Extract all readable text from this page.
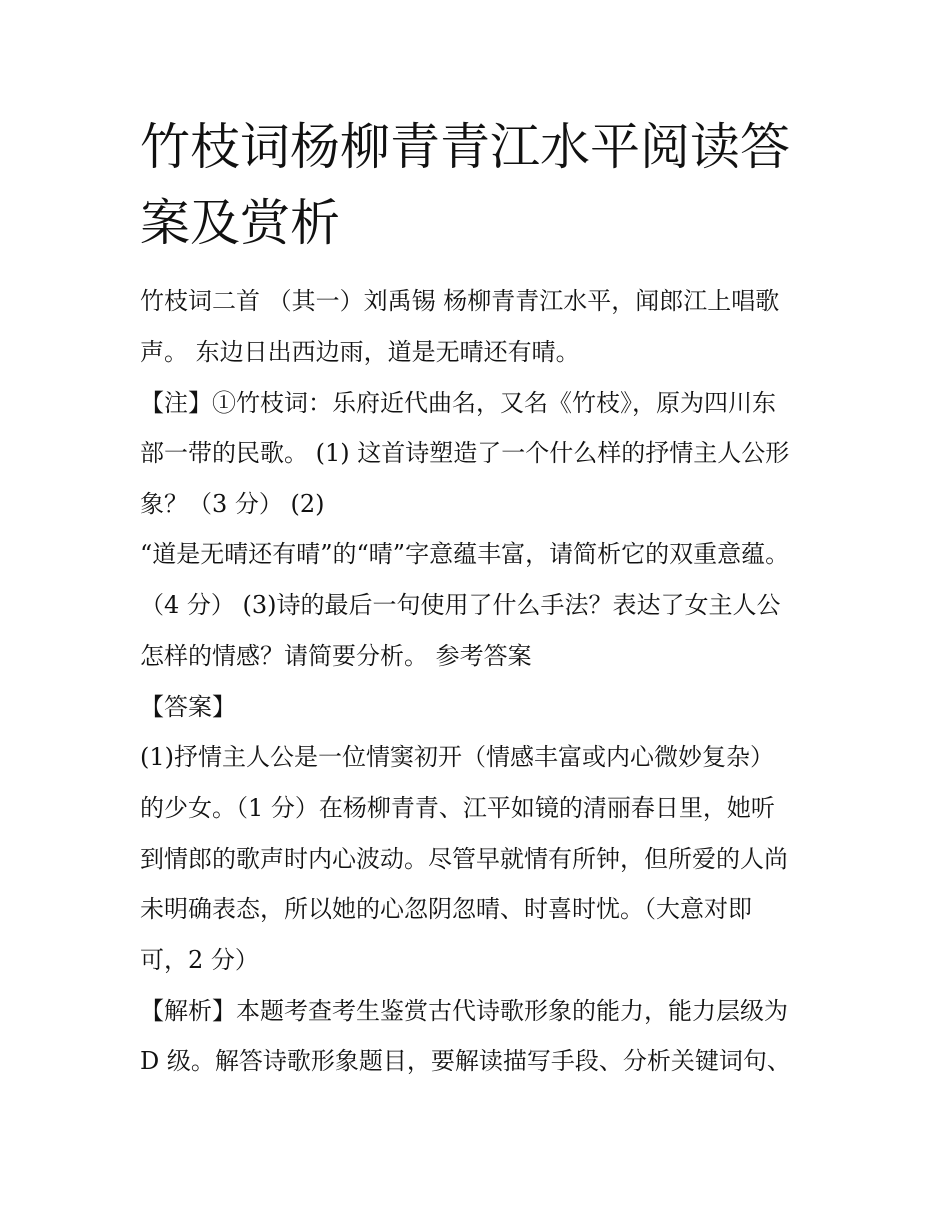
竹枝词杨柳青青江水平阅读答
案及赏析
竹枝词二首 （其一）刘禹锡 杨柳青青江水平，闻郎江上唱歌
声。 东边日出西边雨，道是无晴还有晴。
【注】①竹枝词：乐府近代曲名，又名《竹枝》，原为四川东
部一带的民歌。 (1) 这首诗塑造了一个什么样的抒情主人公形
象？（3 分） (2)
“道是无晴还有晴”的“晴”字意蕴丰富，请简析它的双重意蕴。
（4 分） (3)诗的最后一句使用了什么手法？表达了女主人公
怎样的情感？请简要分析。 参考答案
【答案】
(1)抒情主人公是一位情窦初开（情感丰富或内心微妙复杂）
的少女。（1 分）在杨柳青青、江平如镜的清丽春日里，她听
到情郎的歌声时内心波动。尽管早就情有所钟，但所爱的人尚
未明确表态，所以她的心忽阴忽晴、时喜时忧。（大意对即
可，2 分）
【解析】本题考查考生鉴赏古代诗歌形象的能力，能力层级为
D 级。解答诗歌形象题目，要解读描写手段、分析关键词句、
